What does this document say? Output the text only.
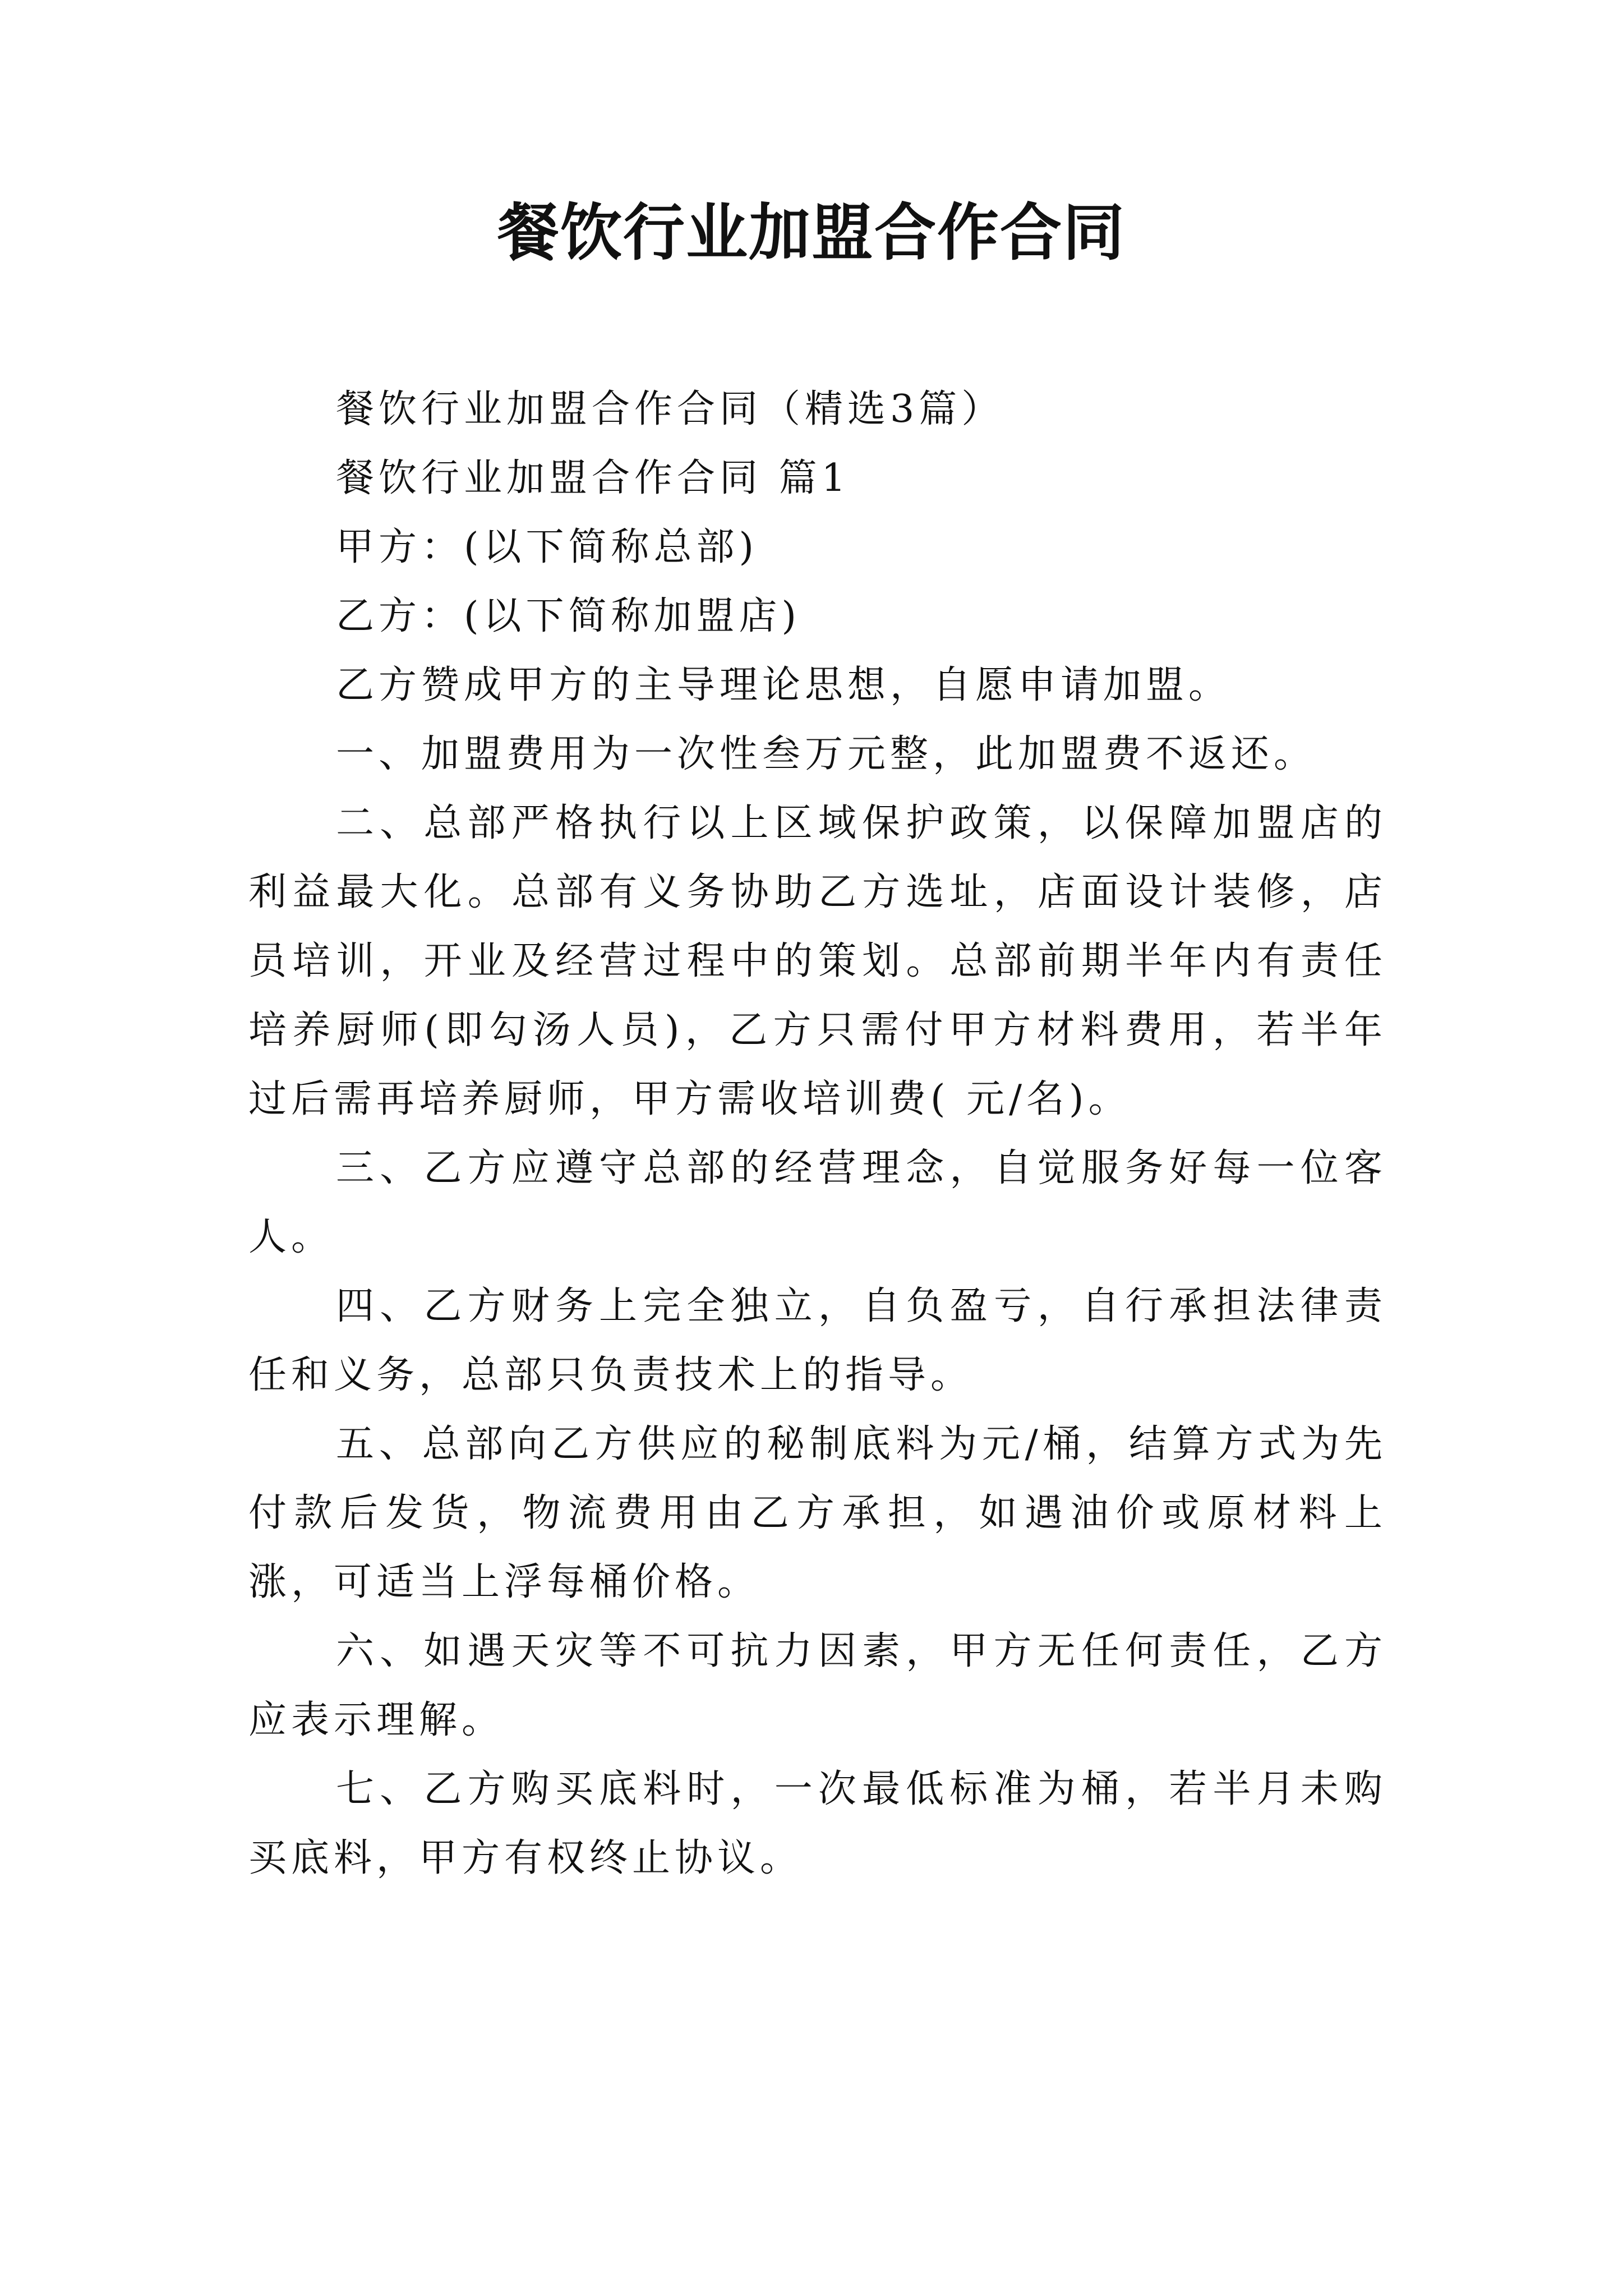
餐饮行业加盟合作合同

餐饮行业加盟合作合同（精选3篇）

餐饮行业加盟合作合同 篇1

甲方：(以下简称总部)

乙方：(以下简称加盟店)

乙方赞成甲方的主导理论思想，自愿申请加盟。

一、加盟费用为一次性叁万元整，此加盟费不返还。

二、总部严格执行以上区域保护政策，以保障加盟店的利益最大化。总部有义务协助乙方选址，店面设计装修，店员培训，开业及经营过程中的策划。总部前期半年内有责任培养厨师(即勾汤人员)，乙方只需付甲方材料费用，若半年过后需再培养厨师，甲方需收培训费( 元/名)。

三、乙方应遵守总部的经营理念，自觉服务好每一位客人。

四、乙方财务上完全独立，自负盈亏，自行承担法律责任和义务，总部只负责技术上的指导。

五、总部向乙方供应的秘制底料为元/桶，结算方式为先付款后发货，物流费用由乙方承担，如遇油价或原材料上涨，可适当上浮每桶价格。

六、如遇天灾等不可抗力因素，甲方无任何责任，乙方应表示理解。

七、乙方购买底料时，一次最低标准为桶，若半月未购买底料，甲方有权终止协议。
